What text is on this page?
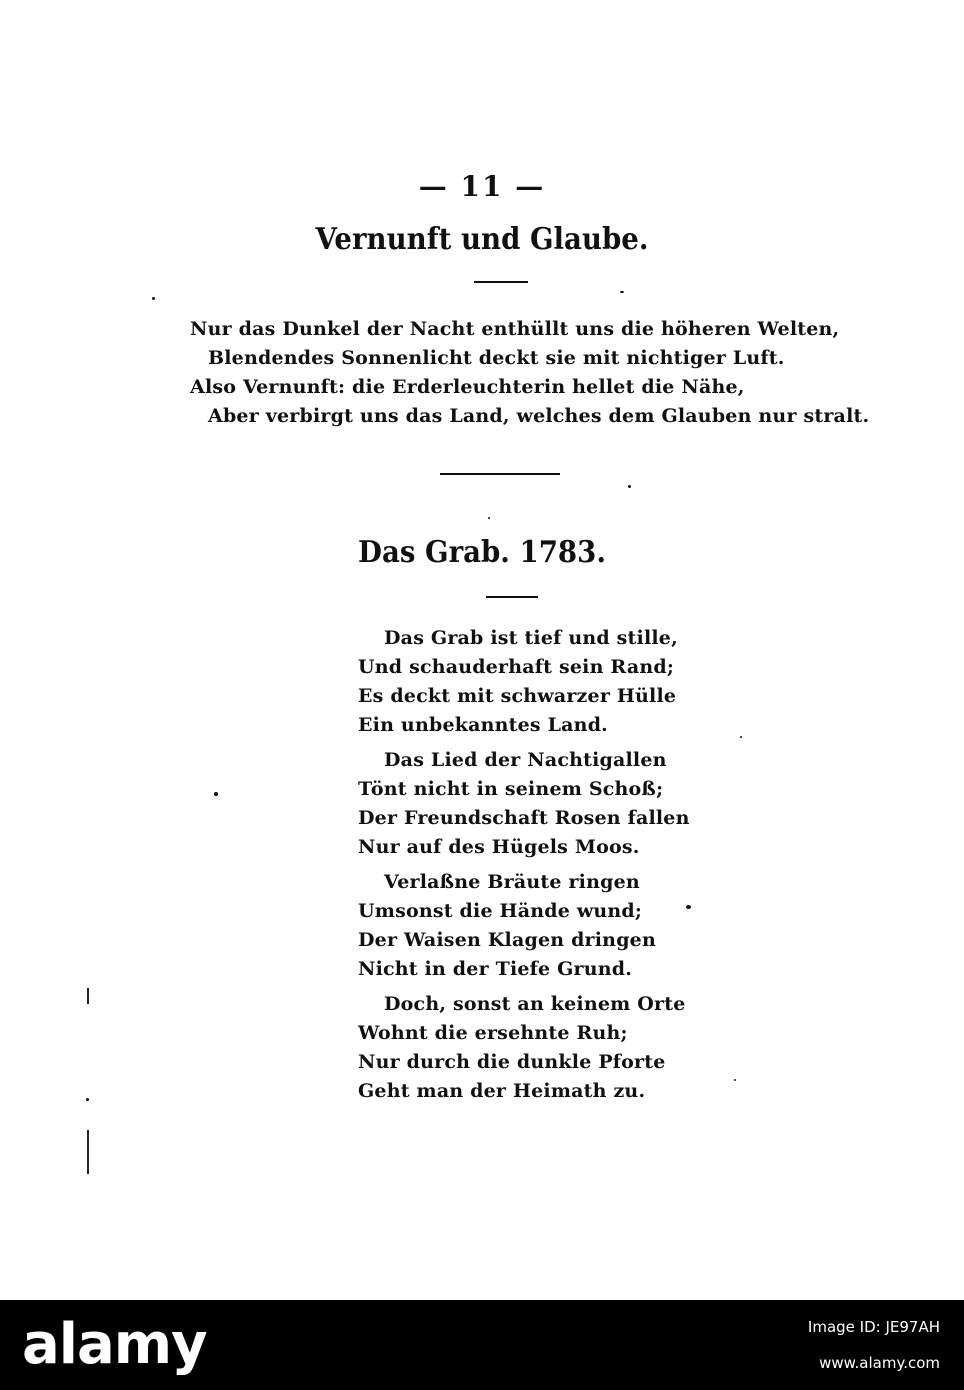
— 11 —
Vernunft und Glaube.
Nur das Dunkel der Nacht enthüllt uns die höheren Welten,
Blendendes Sonnenlicht deckt sie mit nichtiger Luft.
Also Vernunft: die Erderleuchterin hellet die Nähe,
Aber verbirgt uns das Land, welches dem Glauben nur stralt.
Das Grab. 1783.
Das Grab ist tief und stille,
Und schauderhaft sein Rand;
Es deckt mit schwarzer Hülle
Ein unbekanntes Land.
Das Lied der Nachtigallen
Tönt nicht in seinem Schoß;
Der Freundschaft Rosen fallen
Nur auf des Hügels Moos.
Verlaßne Bräute ringen
Umsonst die Hände wund;
Der Waisen Klagen dringen
Nicht in der Tiefe Grund.
Doch, sonst an keinem Orte
Wohnt die ersehnte Ruh;
Nur durch die dunkle Pforte
Geht man der Heimath zu.
alamy	Image ID: JE97AH
www.alamy.com
